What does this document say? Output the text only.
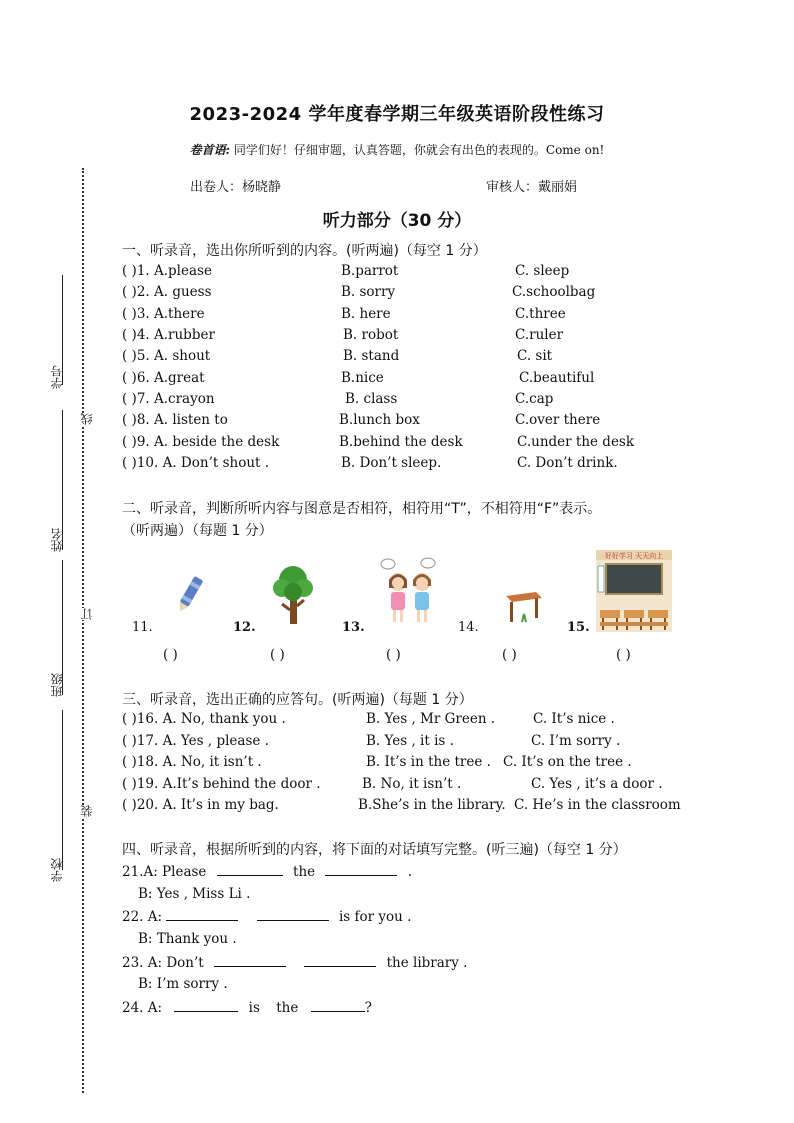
2023-2024 学年度春学期三年级英语阶段性练习
卷首语: 同学们好！仔细审题，认真答题，你就会有出色的表现的。Come on!
出卷人：杨晓静	审核人：戴丽娟
听力部分（30 分）
学号
姓名
班级
学校
线
订
装
一、听录音，选出你所听到的内容。(听两遍)（每空 1 分）
( )1. A.please	B.parrot	C. sleep
( )2. A. guess	B. sorry	C.schoolbag
( )3. A.there	B. here	C.three
( )4. A.rubber	B. robot	C.ruler
( )5. A. shout	B. stand	C. sit
( )6. A.great	B.nice	C.beautiful
( )7. A.crayon	B. class	C.cap
( )8. A. listen to	B.lunch box	C.over there
( )9. A. beside the desk	B.behind the desk	C.under the desk
( )10. A. Don’t shout .	B. Don’t sleep.	C. Don’t drink.
二、听录音，判断所听内容与图意是否相符，相符用“T”，不相符用“F”表示。
（听两遍）（每题 1 分）
好好学习 天天向上
11.	12.	13.	14.	15.
( )	( )	( )	( )	( )
三、听录音，选出正确的应答句。(听两遍)（每题 1 分）
( )16. A. No, thank you .	B. Yes , Mr Green .	C. It’s nice .
( )17. A. Yes , please .	B. Yes , it is .	C. I’m sorry .
( )18. A. No, it isn’t .	B. It’s in the tree . C. It’s on the tree .
( )19. A.It’s behind the door .	B. No, it isn’t .	C. Yes , it’s a door .
( )20. A. It’s in my bag.	B.She’s in the library. C. He’s in the classroom
四、听录音，根据所听到的内容，将下面的对话填写完整。(听三遍)（每空 1 分）
21.A: Please	the	.
B: Yes , Miss Li .
22. A:	is for you .
B: Thank you .
23. A: Don’t	the library .
B: I’m sorry .
24. A:	is the	?
